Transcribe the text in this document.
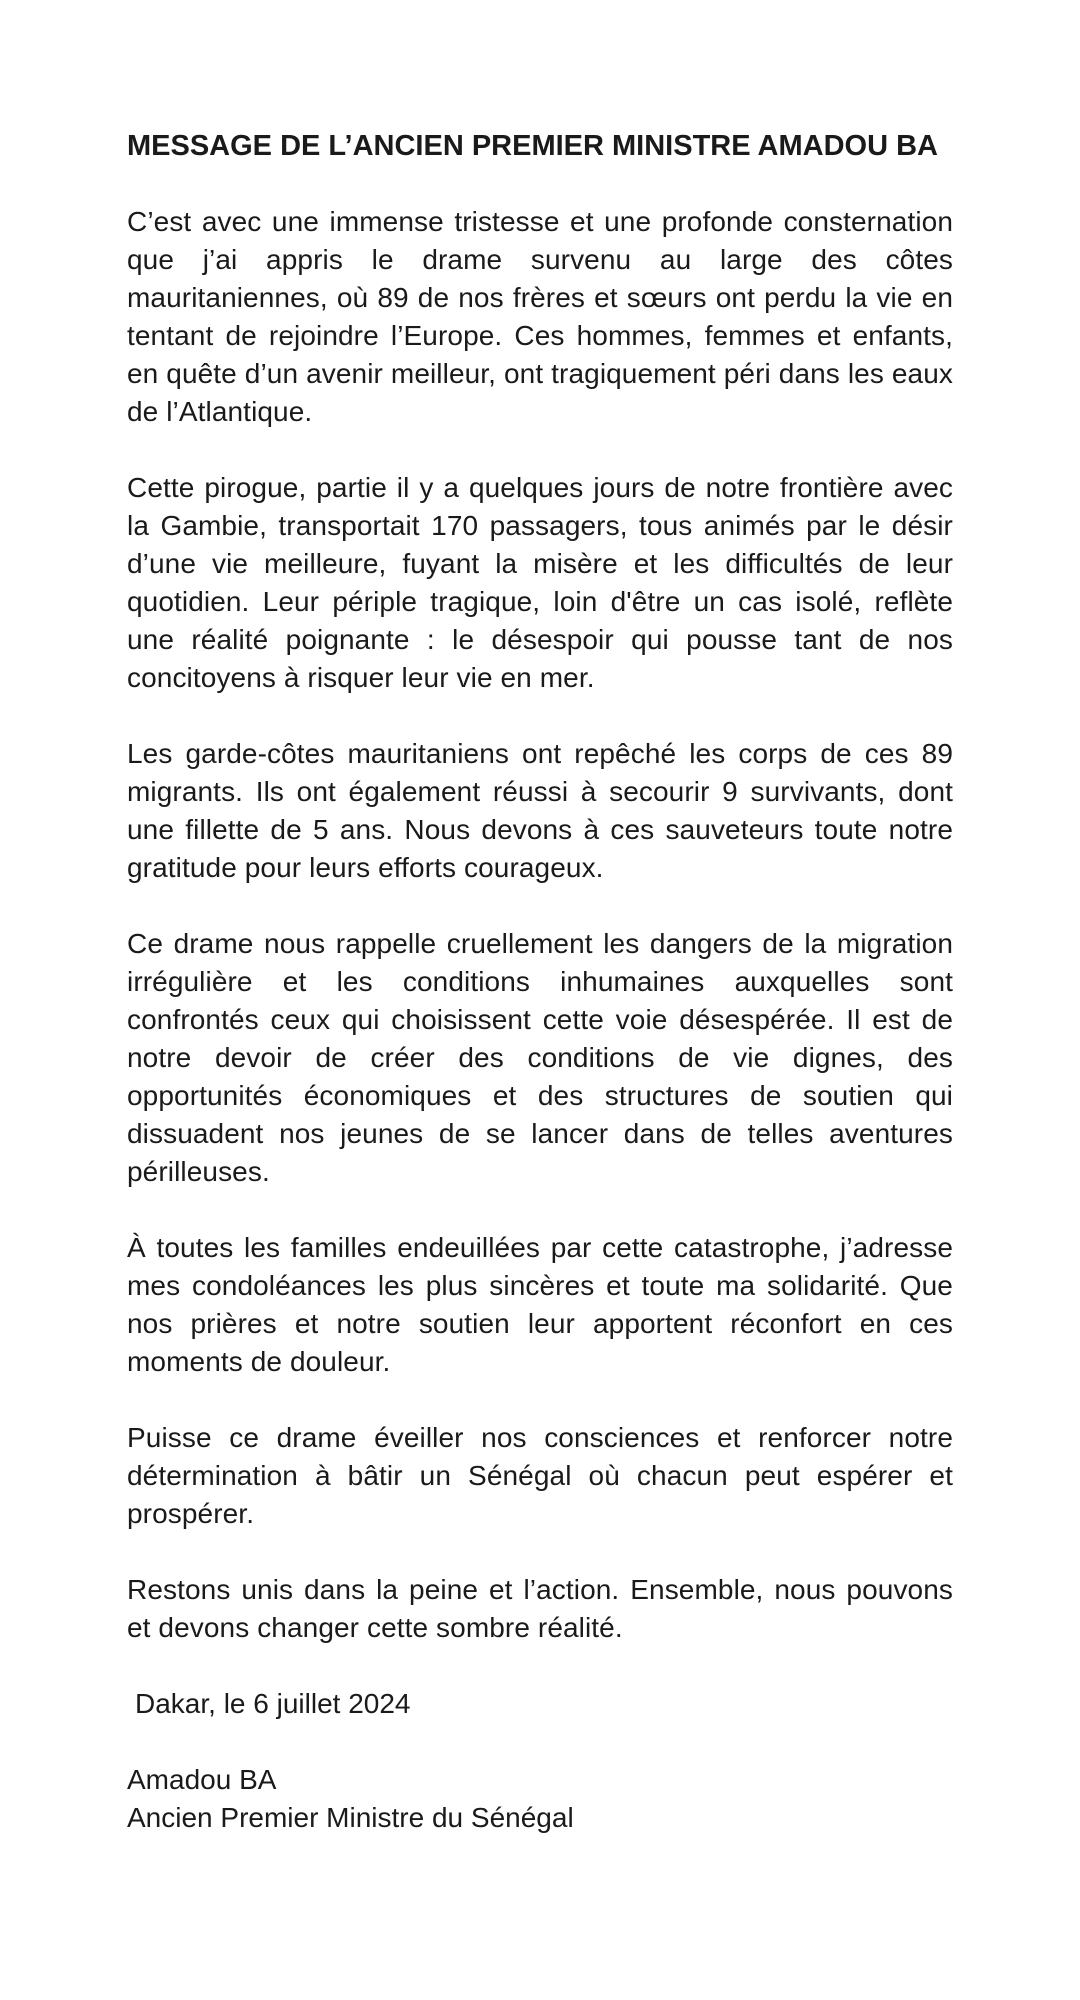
MESSAGE DE L’ANCIEN PREMIER MINISTRE AMADOU BA

C’est avec une immense tristesse et une profonde consternation que j’ai appris le drame survenu au large des côtes mauritaniennes, où 89 de nos frères et sœurs ont perdu la vie en tentant de rejoindre l’Europe. Ces hommes, femmes et enfants, en quête d’un avenir meilleur, ont tragiquement péri dans les eaux de l’Atlantique.

Cette pirogue, partie il y a quelques jours de notre frontière avec la Gambie, transportait 170 passagers, tous animés par le désir d’une vie meilleure, fuyant la misère et les difficultés de leur quotidien. Leur périple tragique, loin d'être un cas isolé, reflète une réalité poignante : le désespoir qui pousse tant de nos concitoyens à risquer leur vie en mer.

Les garde-côtes mauritaniens ont repêché les corps de ces 89 migrants. Ils ont également réussi à secourir 9 survivants, dont une fillette de 5 ans. Nous devons à ces sauveteurs toute notre gratitude pour leurs efforts courageux.

Ce drame nous rappelle cruellement les dangers de la migration irrégulière et les conditions inhumaines auxquelles sont confrontés ceux qui choisissent cette voie désespérée. Il est de notre devoir de créer des conditions de vie dignes, des opportunités économiques et des structures de soutien qui dissuadent nos jeunes de se lancer dans de telles aventures périlleuses.

À toutes les familles endeuillées par cette catastrophe, j’adresse mes condoléances les plus sincères et toute ma solidarité. Que nos prières et notre soutien leur apportent réconfort en ces moments de douleur.

Puisse ce drame éveiller nos consciences et renforcer notre détermination à bâtir un Sénégal où chacun peut espérer et prospérer.

Restons unis dans la peine et l’action. Ensemble, nous pouvons et devons changer cette sombre réalité.

Dakar, le 6 juillet 2024

Amadou BA

Ancien Premier Ministre du Sénégal
